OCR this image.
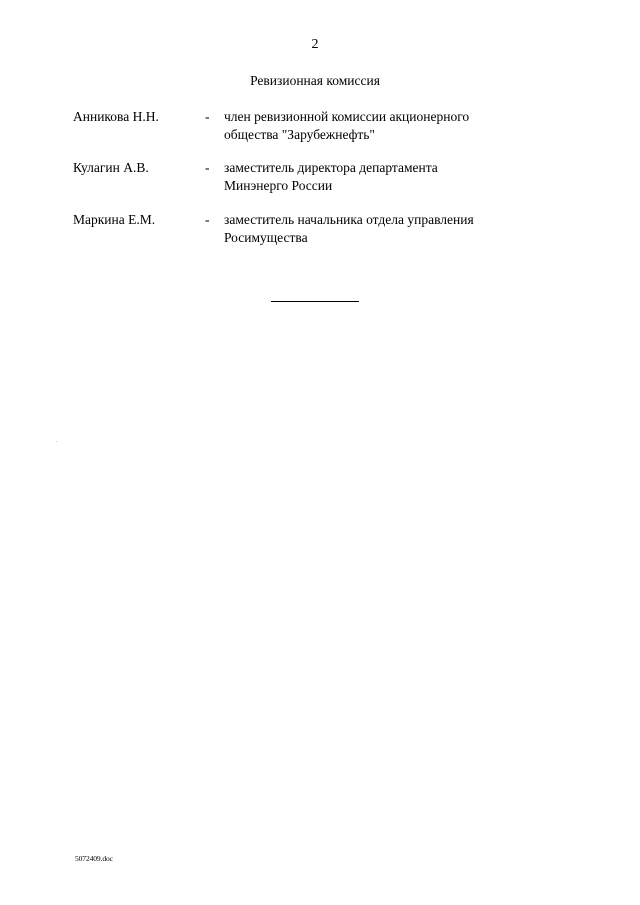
2
Ревизионная комиссия
Анникова Н.Н.	-	член ревизионной комиссии акционерного
общества "Зарубежнефть"
Кулагин А.В.	-	заместитель директора департамента
Минэнерго России
Маркина Е.М.	-	заместитель начальника отдела управления
Росимущества
5072409.doc
